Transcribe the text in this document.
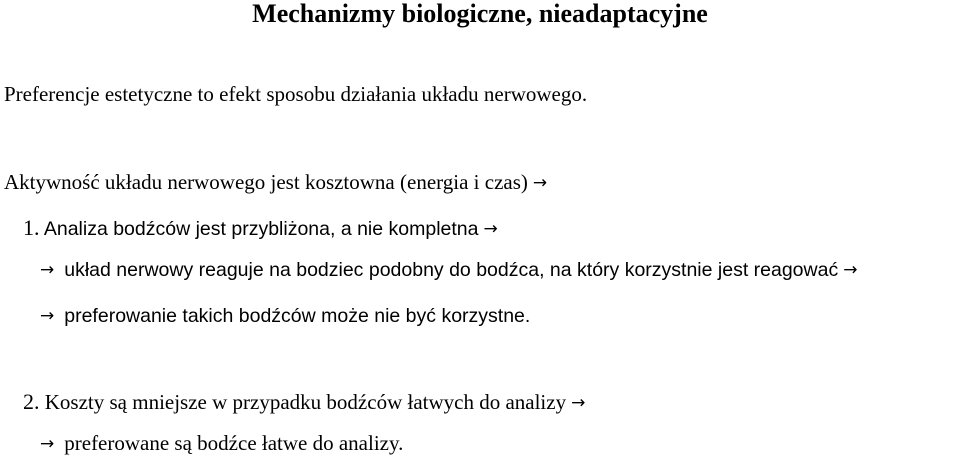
Mechanizmy biologiczne, nieadaptacyjne
Preferencje estetyczne to efekt sposobu działania układu nerwowego.
Aktywność układu nerwowego jest kosztowna (energia i czas) →
1. Analiza bodźców jest przybliżona, a nie kompletna →
→ układ nerwowy reaguje na bodziec podobny do bodźca, na który korzystnie jest reagować →
→ preferowanie takich bodźców może nie być korzystne.
2. Koszty są mniejsze w przypadku bodźców łatwych do analizy →
→ preferowane są bodźce łatwe do analizy.
